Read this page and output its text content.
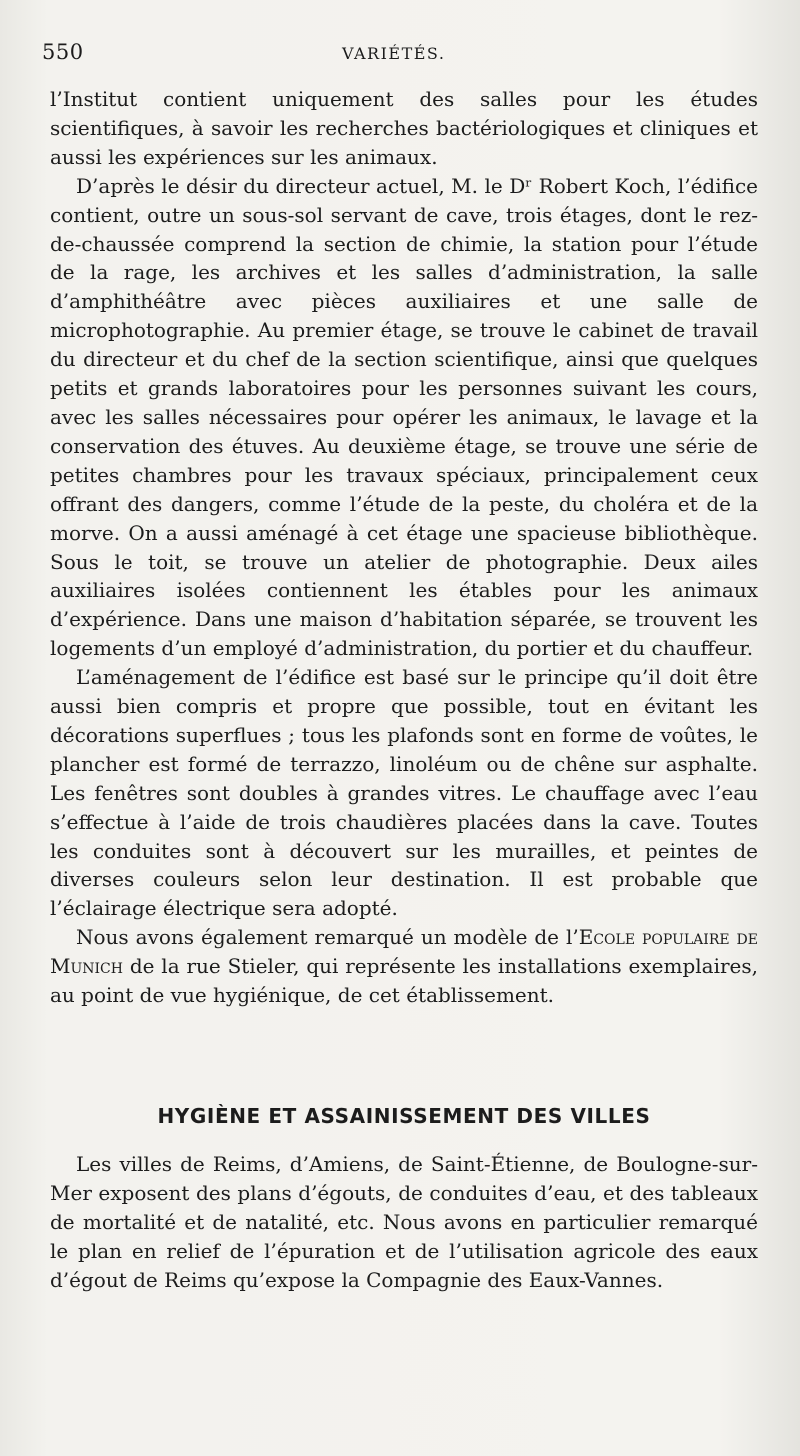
550	VARIÉTÉS.

l’Institut contient uniquement des salles pour les études scientifiques, à savoir les recherches bactériologiques et cliniques et aussi les expériences sur les animaux.

D’après le désir du directeur actuel, M. le Dʳ Robert Koch, l’édifice contient, outre un sous-sol servant de cave, trois étages, dont le rez-de-chaussée comprend la section de chimie, la station pour l’étude de la rage, les archives et les salles d’administration, la salle d’amphithéâtre avec pièces auxiliaires et une salle de microphotographie. Au premier étage, se trouve le cabinet de travail du directeur et du chef de la section scientifique, ainsi que quelques petits et grands laboratoires pour les personnes suivant les cours, avec les salles nécessaires pour opérer les animaux, le lavage et la conservation des étuves. Au deuxième étage, se trouve une série de petites chambres pour les travaux spéciaux, principalement ceux offrant des dangers, comme l’étude de la peste, du choléra et de la morve. On a aussi aménagé à cet étage une spacieuse bibliothèque. Sous le toit, se trouve un atelier de photographie. Deux ailes auxiliaires isolées contiennent les étables pour les animaux d’expérience. Dans une maison d’habitation séparée, se trouvent les logements d’un employé d’administration, du portier et du chauffeur.

L’aménagement de l’édifice est basé sur le principe qu’il doit être aussi bien compris et propre que possible, tout en évitant les décorations superflues ; tous les plafonds sont en forme de voûtes, le plancher est formé de terrazzo, linoléum ou de chêne sur asphalte. Les fenêtres sont doubles à grandes vitres. Le chauffage avec l’eau s’effectue à l’aide de trois chaudières placées dans la cave. Toutes les conduites sont à découvert sur les murailles, et peintes de diverses couleurs selon leur destination. Il est probable que l’éclairage électrique sera adopté.

Nous avons également remarqué un modèle de l’Ecole populaire de Munich de la rue Stieler, qui représente les installations exemplaires, au point de vue hygiénique, de cet établissement.

HYGIÈNE ET ASSAINISSEMENT DES VILLES

Les villes de Reims, d’Amiens, de Saint-Étienne, de Boulogne-sur-Mer exposent des plans d’égouts, de conduites d’eau, et des tableaux de mortalité et de natalité, etc. Nous avons en particulier remarqué le plan en relief de l’épuration et de l’utilisation agricole des eaux d’égout de Reims qu’expose la Compagnie des Eaux-Vannes.
